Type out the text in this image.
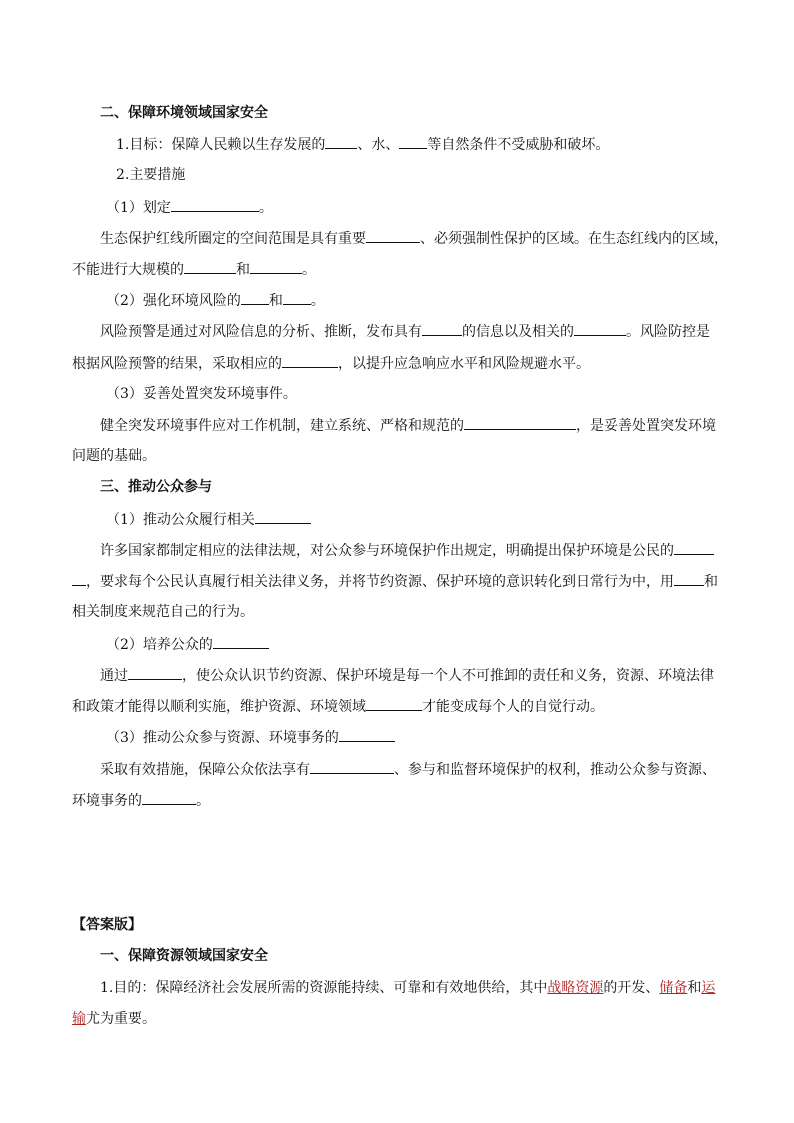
二、保障环境领域国家安全
1.目标：保障人民赖以生存发展的 、水、 等自然条件不受威胁和破坏。
2.主要措施
（1）划定	。
生态保护红线所圈定的空间范围是具有重要	、必须强制性保护的区域。在生态红线内的区域，
不能进行大规模的	和	。
（2）强化环境风险的 和 。
风险预警是通过对风险信息的分析、推断，发布具有	的信息以及相关的	。风险防控是
根据风险预警的结果，采取相应的	，以提升应急响应水平和风险规避水平。
（3）妥善处置突发环境事件。
健全突发环境事件应对工作机制，建立系统、严格和规范的	，是妥善处置突发环境
问题的基础。
三、推动公众参与
（1）推动公众履行相关
许多国家都制定相应的法律法规，对公众参与环境保护作出规定，明确提出保护环境是公民的
，要求每个公民认真履行相关法律义务，并将节约资源、保护环境的意识转化到日常行为中，用 和
相关制度来规范自己的行为。
（2）培养公众的
通过	，使公众认识节约资源、保护环境是每一个人不可推卸的责任和义务，资源、环境法律
和政策才能得以顺利实施，维护资源、环境领域	才能变成每个人的自觉行动。
（3）推动公众参与资源、环境事务的
采取有效措施，保障公众依法享有	、参与和监督环境保护的权利，推动公众参与资源、
环境事务的	。
【答案版】
一、保障资源领域国家安全
1.目的：保障经济社会发展所需的资源能持续、可靠和有效地供给，其中战略资源的开发、储备和运
输尤为重要。
